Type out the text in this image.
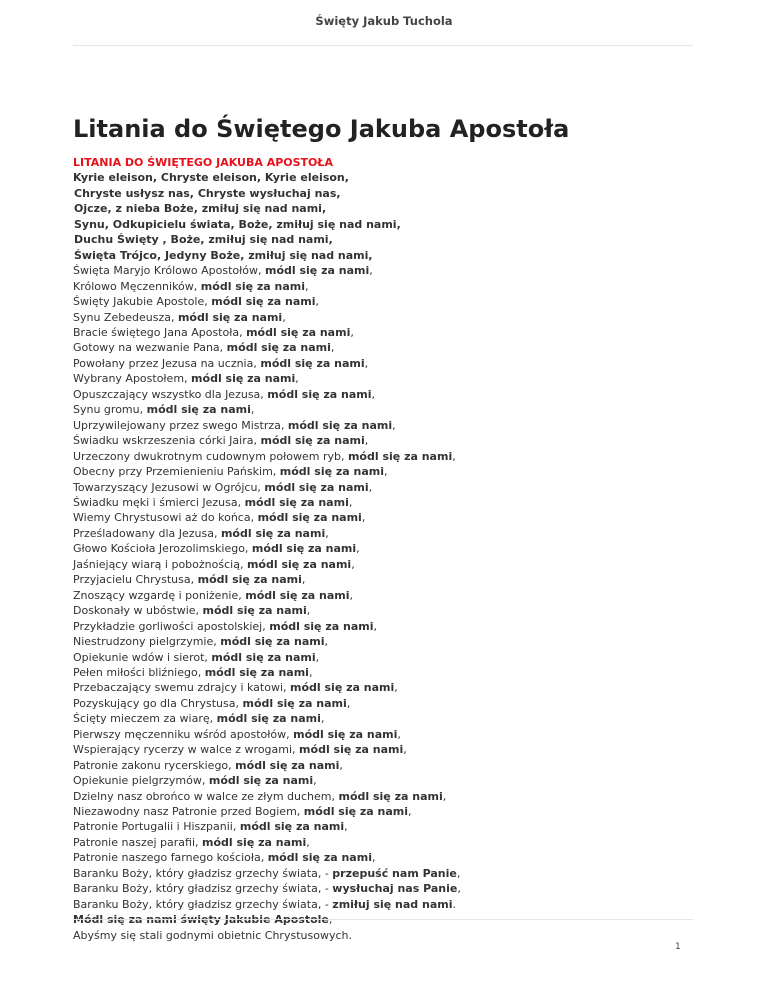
Święty Jakub Tuchola
Litania do Świętego Jakuba Apostoła
LITANIA DO ŚWIĘTEGO JAKUBA APOSTOŁA
Kyrie eleison, Chryste eleison, Kyrie eleison,
Chryste usłysz nas, Chryste wysłuchaj nas,
Ojcze, z nieba Boże, zmiłuj się nad nami,
Synu, Odkupicielu świata, Boże, zmiłuj się nad nami,
Duchu Święty , Boże, zmiłuj się nad nami,
Święta Trójco, Jedyny Boże, zmiłuj się nad nami,
Święta Maryjo Królowo Apostołów, módl się za nami,
Królowo Męczenników, módl się za nami,
Święty Jakubie Apostole, módl się za nami,
Synu Zebedeusza, módl się za nami,
Bracie świętego Jana Apostoła, módl się za nami,
Gotowy na wezwanie Pana, módl się za nami,
Powołany przez Jezusa na ucznia, módl się za nami,
Wybrany Apostołem, módl się za nami,
Opuszczający wszystko dla Jezusa, módl się za nami,
Synu gromu, módl się za nami,
Uprzywilejowany przez swego Mistrza, módl się za nami,
Świadku wskrzeszenia córki Jaira, módl się za nami,
Urzeczony dwukrotnym cudownym połowem ryb, módl się za nami,
Obecny przy Przemienieniu Pańskim, módl się za nami,
Towarzyszący Jezusowi w Ogrójcu, módl się za nami,
Świadku męki i śmierci Jezusa, módl się za nami,
Wiemy Chrystusowi aż do końca, módl się za nami,
Prześladowany dla Jezusa, módl się za nami,
Głowo Kościoła Jerozolimskiego, módl się za nami,
Jaśniejący wiarą i pobożnością, módl się za nami,
Przyjacielu Chrystusa, módl się za nami,
Znoszący wzgardę i poniżenie, módl się za nami,
Doskonały w ubóstwie, módl się za nami,
Przykładzie gorliwości apostolskiej, módl się za nami,
Niestrudzony pielgrzymie, módl się za nami,
Opiekunie wdów i sierot, módl się za nami,
Pełen miłości bliźniego, módl się za nami,
Przebaczający swemu zdrajcy i katowi, módl się za nami,
Pozyskujący go dla Chrystusa, módl się za nami,
Ścięty mieczem za wiarę, módl się za nami,
Pierwszy męczenniku wśród apostołów, módl się za nami,
Wspierający rycerzy w walce z wrogami, módl się za nami,
Patronie zakonu rycerskiego, módl się za nami,
Opiekunie pielgrzymów, módl się za nami,
Dzielny nasz obrońco w walce ze złym duchem, módl się za nami,
Niezawodny nasz Patronie przed Bogiem, módl się za nami,
Patronie Portugalii i Hiszpanii, módl się za nami,
Patronie naszej parafii, módl się za nami,
Patronie naszego farnego kościoła, módl się za nami,
Baranku Boży, który gładzisz grzechy świata, - przepuść nam Panie,
Baranku Boży, który gładzisz grzechy świata, - wysłuchaj nas Panie,
Baranku Boży, który gładzisz grzechy świata, - zmiłuj się nad nami.
Abyśmy się stali godnymi obietnic Chrystusowych.
1
